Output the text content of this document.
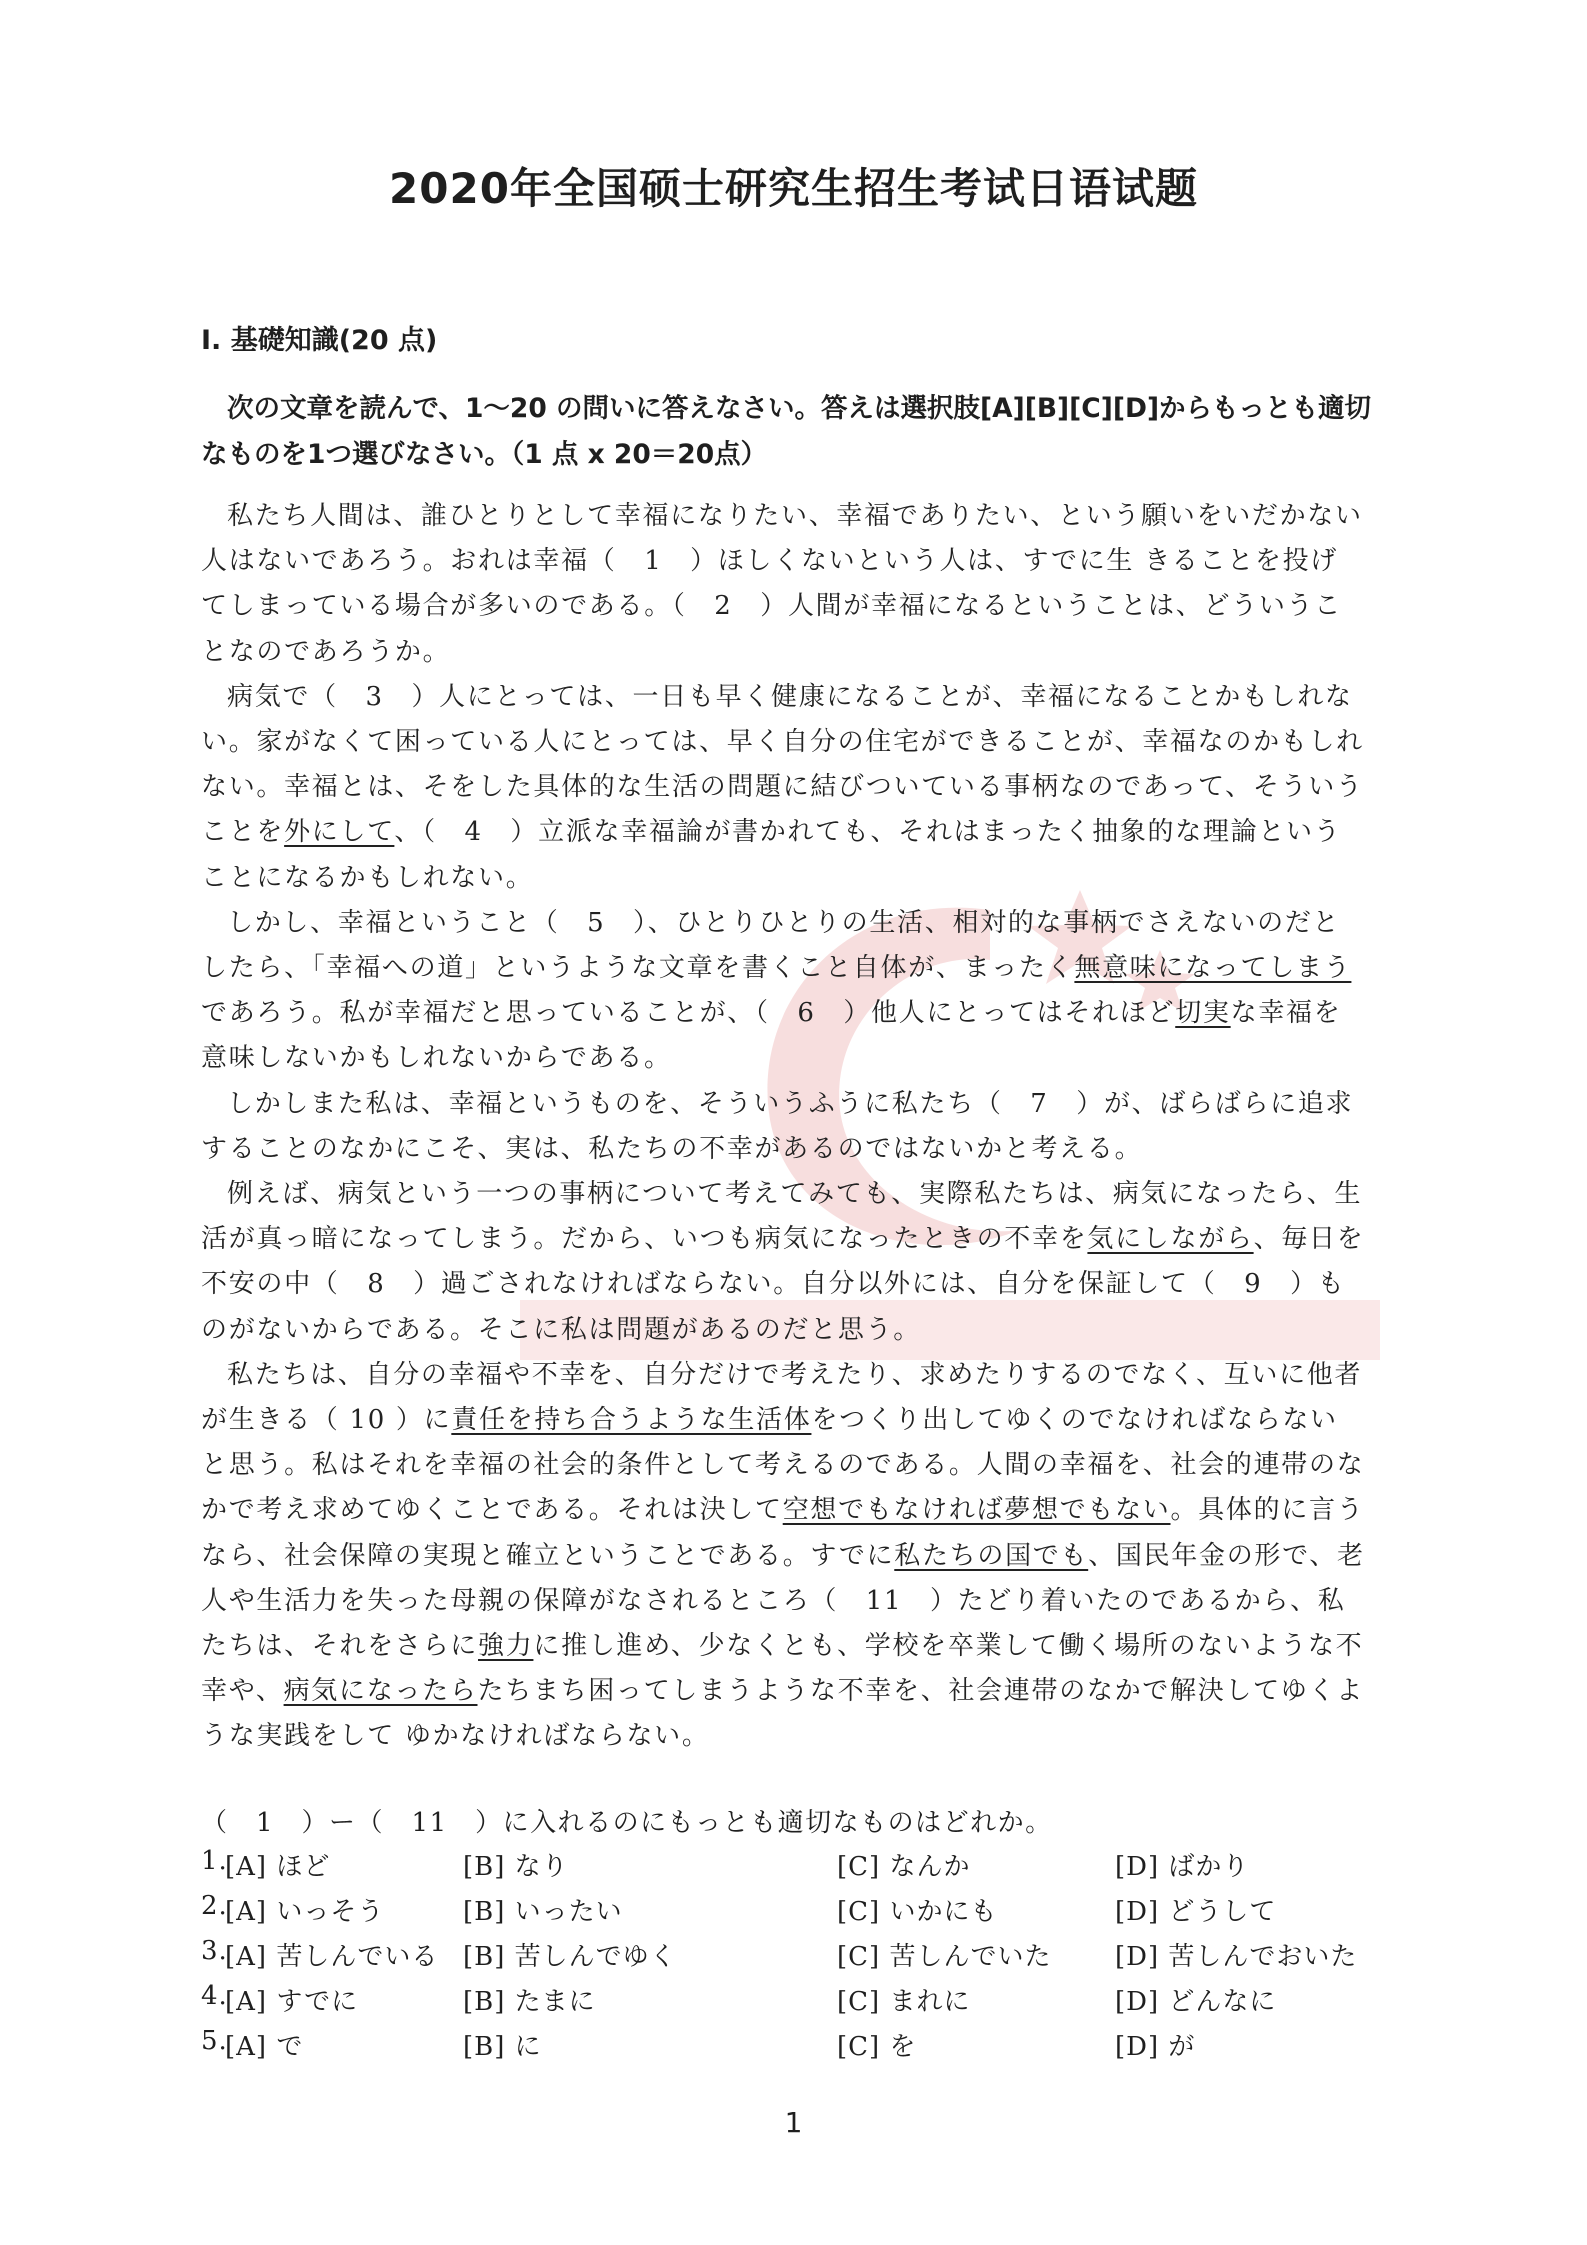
2020年全国硕士研究生招生考试日语试题
Ⅰ. 基礎知識(20 点)
次の文章を読んで、1～20 の問いに答えなさい。答えは選択肢[A][B][C][D]からもっとも適切なものを1つ選びなさい。（1 点 x 20＝20点）

私たち人間は、誰ひとりとして幸福になりたい、幸福でありたい、という願いをいだかない人はないであろう。おれは幸福（　1　）ほしくないという人は、すでに生 きることを投げてしまっている場合が多いのである。（　2　）人間が幸福になるということは、どういうことなのであろうか。

病気で（　3　）人にとっては、一日も早く健康になることが、幸福になることかもしれない。家がなくて困っている人にとっては、早く自分の住宅ができることが、幸福なのかもしれない。幸福とは、そをした具体的な生活の問題に結びついている事柄なのであって、そういうことを外にして、（　4　）立派な幸福論が書かれても、それはまったく抽象的な理論ということになるかもしれない。

しかし、幸福ということ（　5　）、ひとりひとりの生活、相対的な事柄でさえないのだとしたら、「幸福への道」というような文章を書くこと自体が、まったく無意味になってしまうであろう。私が幸福だと思っていることが、（　6　）他人にとってはそれほど切実な幸福を意味しないかもしれないからである。

しかしまた私は、幸福というものを、そういうふうに私たち（　7　）が、ばらばらに追求することのなかにこそ、実は、私たちの不幸があるのではないかと考える。

例えば、病気という一つの事柄について考えてみても、実際私たちは、病気になったら、生活が真っ暗になってしまう。だから、いつも病気になったときの不幸を気にしながら、毎日を不安の中（　8　）過ごされなければならない。自分以外には、自分を保証して（　9　）ものがないからである。そこに私は問題があるのだと思う。

私たちは、自分の幸福や不幸を、自分だけで考えたり、求めたりするのでなく、互いに他者が生きる（ 10 ）に責任を持ち合うような生活体をつくり出してゆくのでなければならないと思う。私はそれを幸福の社会的条件として考えるのである。人間の幸福を、社会的連帯のなかで考え求めてゆくことである。それは決して空想でもなければ夢想でもない。具体的に言うなら、社会保障の実現と確立ということである。すでに私たちの国でも、国民年金の形で、老人や生活力を失った母親の保障がなされるところ（　11　）たどり着いたのであるから、私たちは、それをさらに強力に推し進め、少なくとも、学校を卒業して働く場所のないような不幸や、病気になったらたちまち困ってしまうような不幸を、社会連帯のなかで解決してゆくような実践をして ゆかなければならない。

（　1　）ー（　11　）に入れるのにもっとも適切なものはどれか。
1.
[A] ほど	[B] なり	[C] なんか	[D] ばかり
2.
[A] いっそう	[B] いったい	[C] いかにも	[D] どうして
3.
[A] 苦しんでいる [B] 苦しんでゆく	[C] 苦しんでいた [D] 苦しんでおいた
4.
[A] すでに	[B] たまに	[C] まれに	[D] どんなに
5.
[A] で	[B] に	[C] を	[D] が
1
